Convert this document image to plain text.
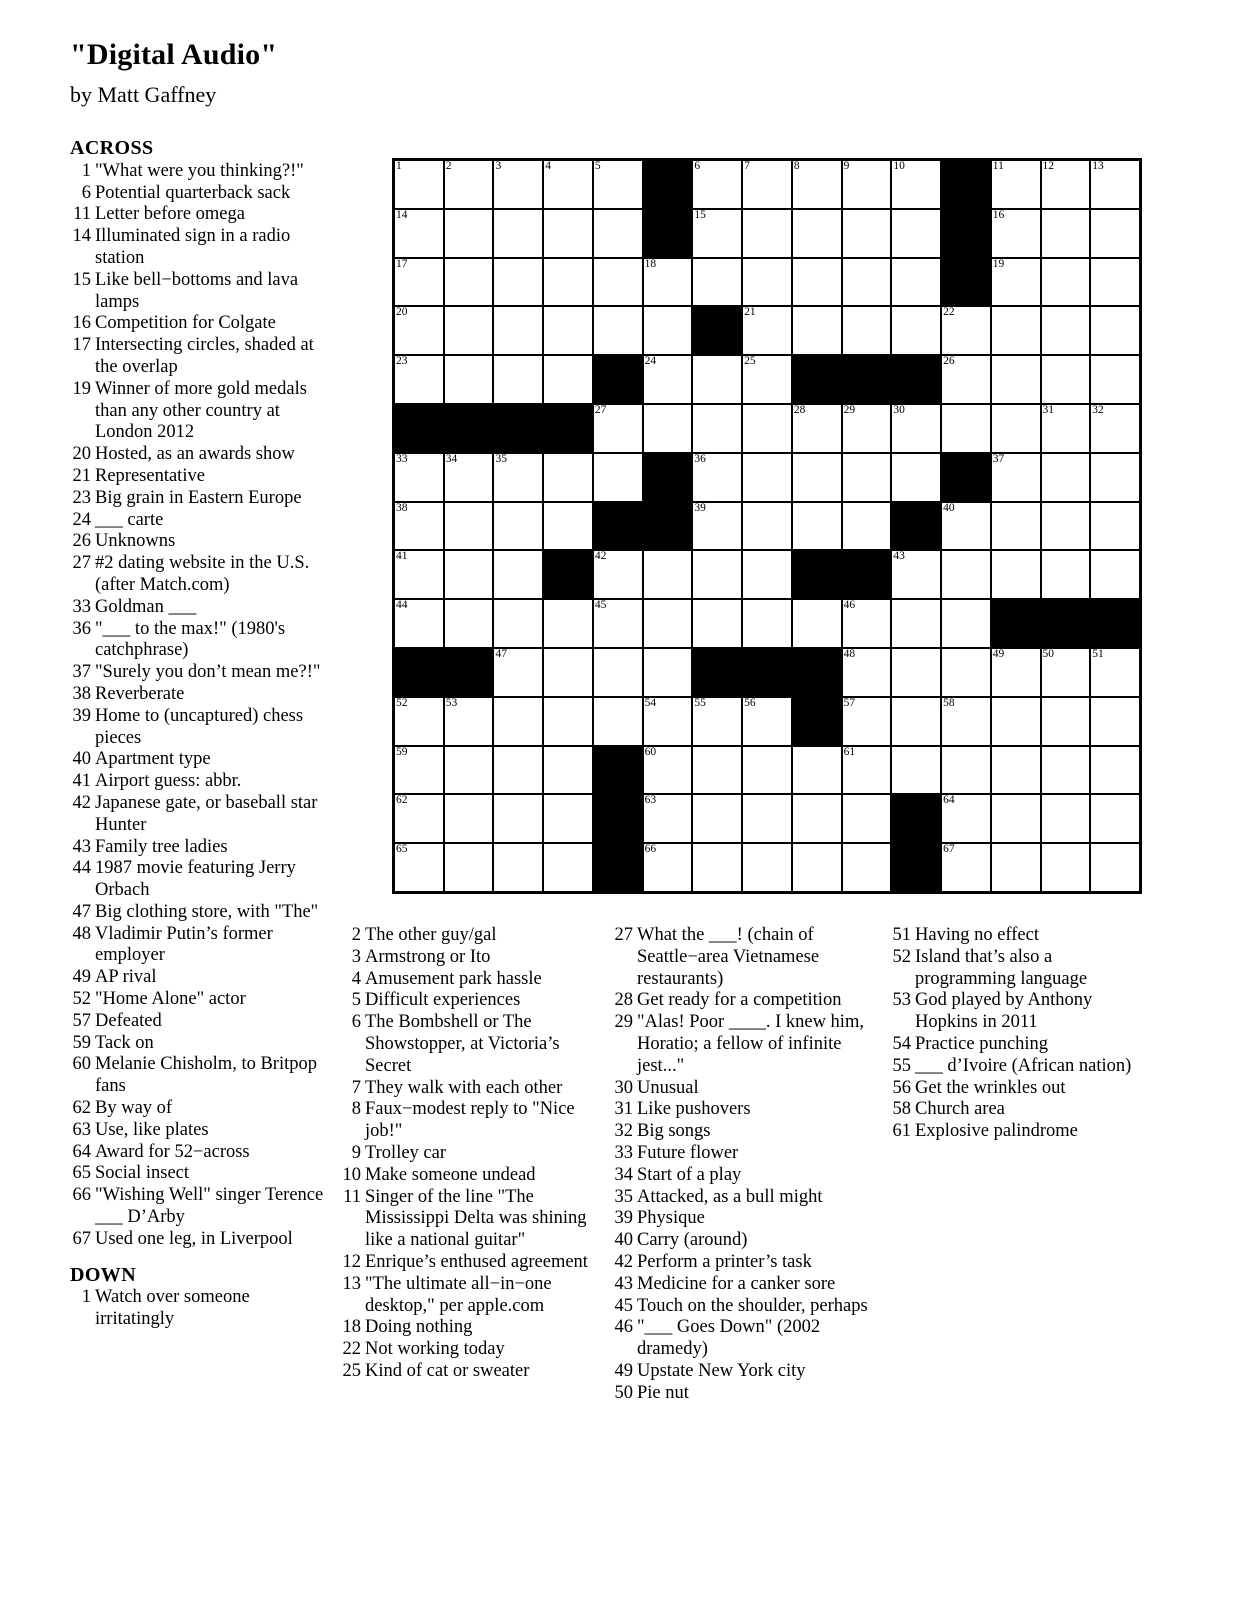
"Digital Audio"
by Matt Gaffney
ACROSS
1 "What were you thinking?!"
6 Potential quarterback sack
11 Letter before omega
14 Illuminated sign in a radio station
15 Like bell−bottoms and lava lamps
16 Competition for Colgate
17 Intersecting circles, shaded at the overlap
19 Winner of more gold medals than any other country at London 2012
20 Hosted, as an awards show
21 Representative
23 Big grain in Eastern Europe
24 ___ carte
26 Unknowns
27 #2 dating website in the U.S. (after Match.com)
33 Goldman ___
36 "___ to the max!" (1980's catchphrase)
37 "Surely you don’t mean me?!"
38 Reverberate
39 Home to (uncaptured) chess pieces
40 Apartment type
41 Airport guess: abbr.
42 Japanese gate, or baseball star Hunter
43 Family tree ladies
44 1987 movie featuring Jerry Orbach
47 Big clothing store, with "The"
48 Vladimir Putin’s former employer
49 AP rival
52 "Home Alone" actor
57 Defeated
59 Tack on
60 Melanie Chisholm, to Britpop fans
62 By way of
63 Use, like plates
64 Award for 52−across
65 Social insect
66 "Wishing Well" singer Terence ___ D’Arby
67 Used one leg, in Liverpool
DOWN
1 Watch over someone irritatingly
2 The other guy/gal
3 Armstrong or Ito
4 Amusement park hassle
5 Difficult experiences
6 The Bombshell or The Showstopper, at Victoria’s Secret
7 They walk with each other
8 Faux−modest reply to "Nice job!"
9 Trolley car
10 Make someone undead
11 Singer of the line "The Mississippi Delta was shining like a national guitar"
12 Enrique’s enthused agreement
13 "The ultimate all−in−one desktop," per apple.com
18 Doing nothing
22 Not working today
25 Kind of cat or sweater
27 What the ___! (chain of Seattle−area Vietnamese restaurants)
28 Get ready for a competition
29 "Alas! Poor ____. I knew him, Horatio; a fellow of infinite jest..."
30 Unusual
31 Like pushovers
32 Big songs
33 Future flower
34 Start of a play
35 Attacked, as a bull might
39 Physique
40 Carry (around)
42 Perform a printer’s task
43 Medicine for a canker sore
45 Touch on the shoulder, perhaps
46 "___ Goes Down" (2002 dramedy)
49 Upstate New York city
50 Pie nut
51 Having no effect
52 Island that’s also a programming language
53 God played by Anthony Hopkins in 2011
54 Practice punching
55 ___ d’Ivoire (African nation)
56 Get the wrinkles out
58 Church area
61 Explosive palindrome
1	2	3	4	5	6	7	8	9	10	11	12	13
14	15	16
17	18	19
20	21	22
23	24	25	26
27	28	29	30	31	32
33	34	35	36	37
38	39	40
41	42	43
44	45	46
47	48	49	50	51
52	53	54	55	56	57	58
59	60	61
62	63	64
65	66	67
